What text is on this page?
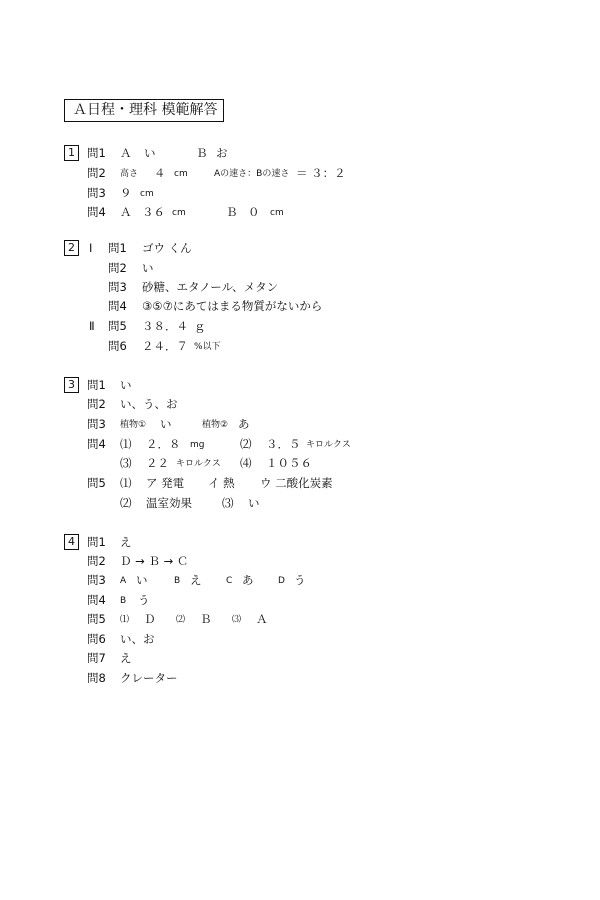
Ａ日程・理科 模範解答
1	問1 Ａ い	Ｂ お
問2 高さ ４ cm	Aの速さ：Bの速さ ＝ ３：２
問3 ９ cm
問4 Ａ ３６ cm	Ｂ ０ cm
2	Ⅰ
Ⅱ
問1 ゴウ くん
問2 い
問3 砂糖、エタノール、メタン
問4 ③⑤⑦にあてはまる物質がないから
問5 ３８．４ ｇ
問6 ２４．７ %以下
3	問1 い
問2 い、う、お
問3 植物① い	植物② あ
問4 ⑴ ２．８ mg	⑵ ３．５ キロルクス
⑶ ２２ キロルクス ⑷ １０５６
問5 ⑴ ア 発電 イ 熱 ウ 二酸化炭素
⑵ 温室効果	⑶ い
4	問1 え
問2 Ｄ → Ｂ → Ｃ
問3 A い	B え	C あ	D う
問4 B う
問5 ⑴ Ｄ ⑵ Ｂ ⑶ Ａ
問6 い、お
問7 え
問8 クレーター
